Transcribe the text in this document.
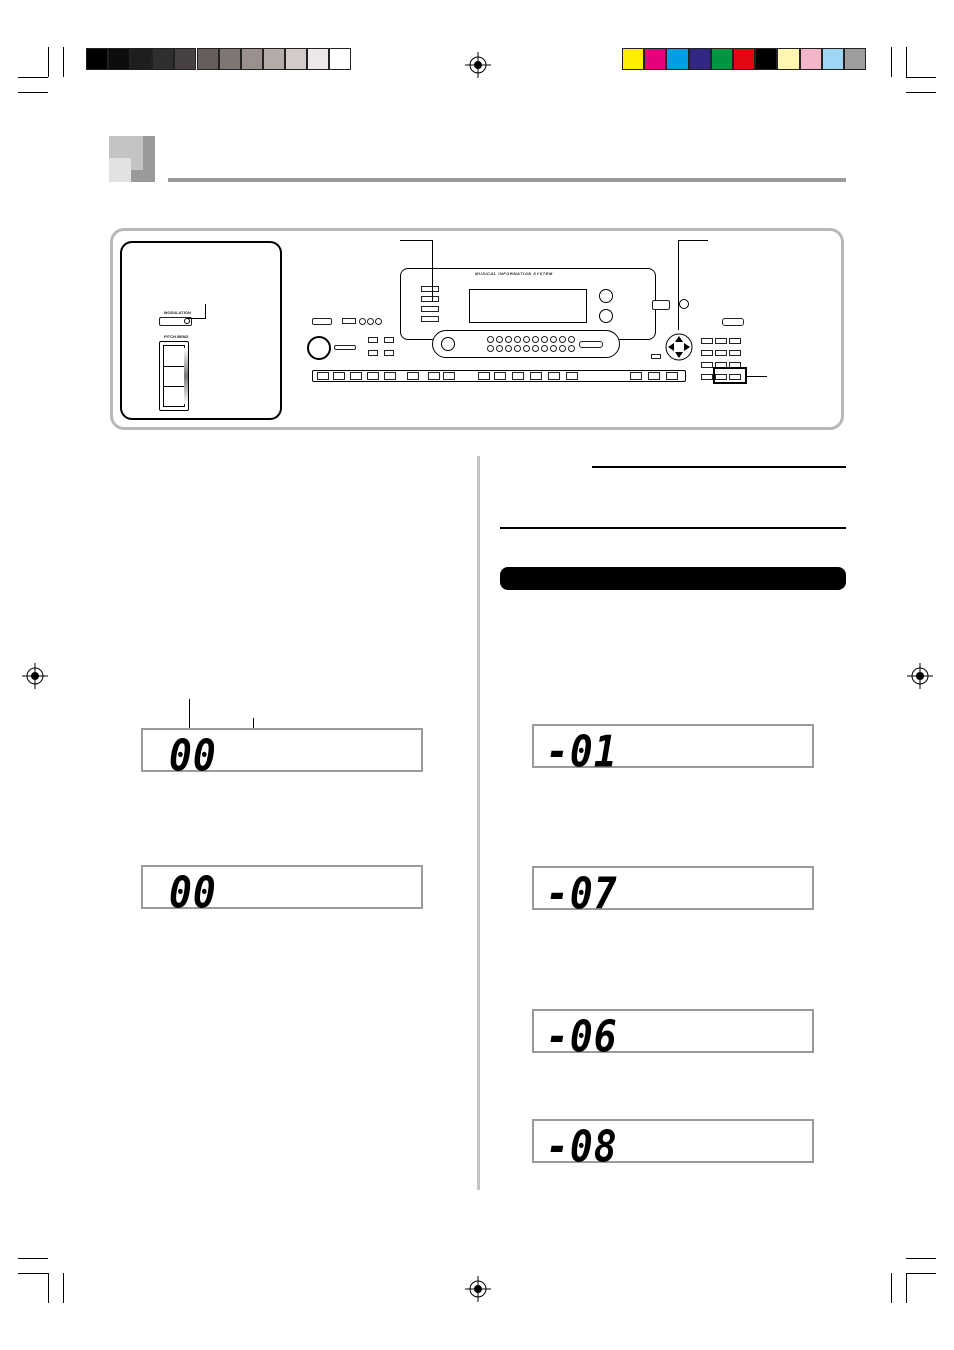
MODULATION
PITCH BEND
MUSICAL INFORMATION SYSTEM
00
00
-01
-07
-06
-08
